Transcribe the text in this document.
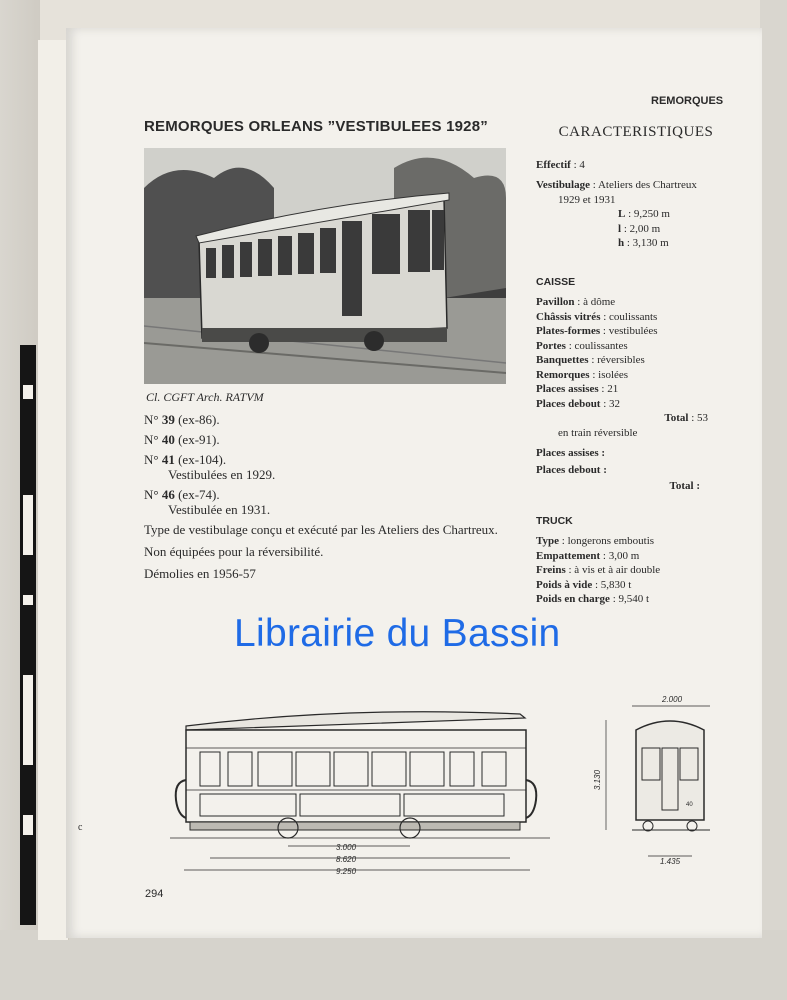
REMORQUES
REMORQUES ORLEANS ”VESTIBULEES 1928”
Cl. CGFT Arch. RATVM
N° 39 (ex-86).
N° 40 (ex-91).
N° 41 (ex-104).
Vestibulées en 1929.
N° 46 (ex-74).
Vestibulée en 1931.

Type de vestibulage conçu et exécuté par les Ateliers des Chartreux.

Non équipées pour la réversibilité.

Démolies en 1956-57

CARACTERISTIQUES
Effectif : 4
Vestibulage : Ateliers des Chartreux
1929 et 1931
L : 9,250 m
l : 2,00 m
h : 3,130 m
CAISSE
Pavillon : à dôme
Châssis vitrés : coulissants
Plates-formes : vestibulées
Portes : coulissantes
Banquettes : réversibles
Remorques : isolées
Places assises : 21
Places debout : 32
Total : 53
en train réversible
Places assises :
Places debout :
Total :
TRUCK
Type : longerons emboutis
Empattement : 3,00 m
Freins : à vis et à air double
Poids à vide : 5,830 t
Poids en charge : 9,540 t
Librairie du Bassin
3.000
8.620
9.250
2.000
3.130
40
1.435
c
294
